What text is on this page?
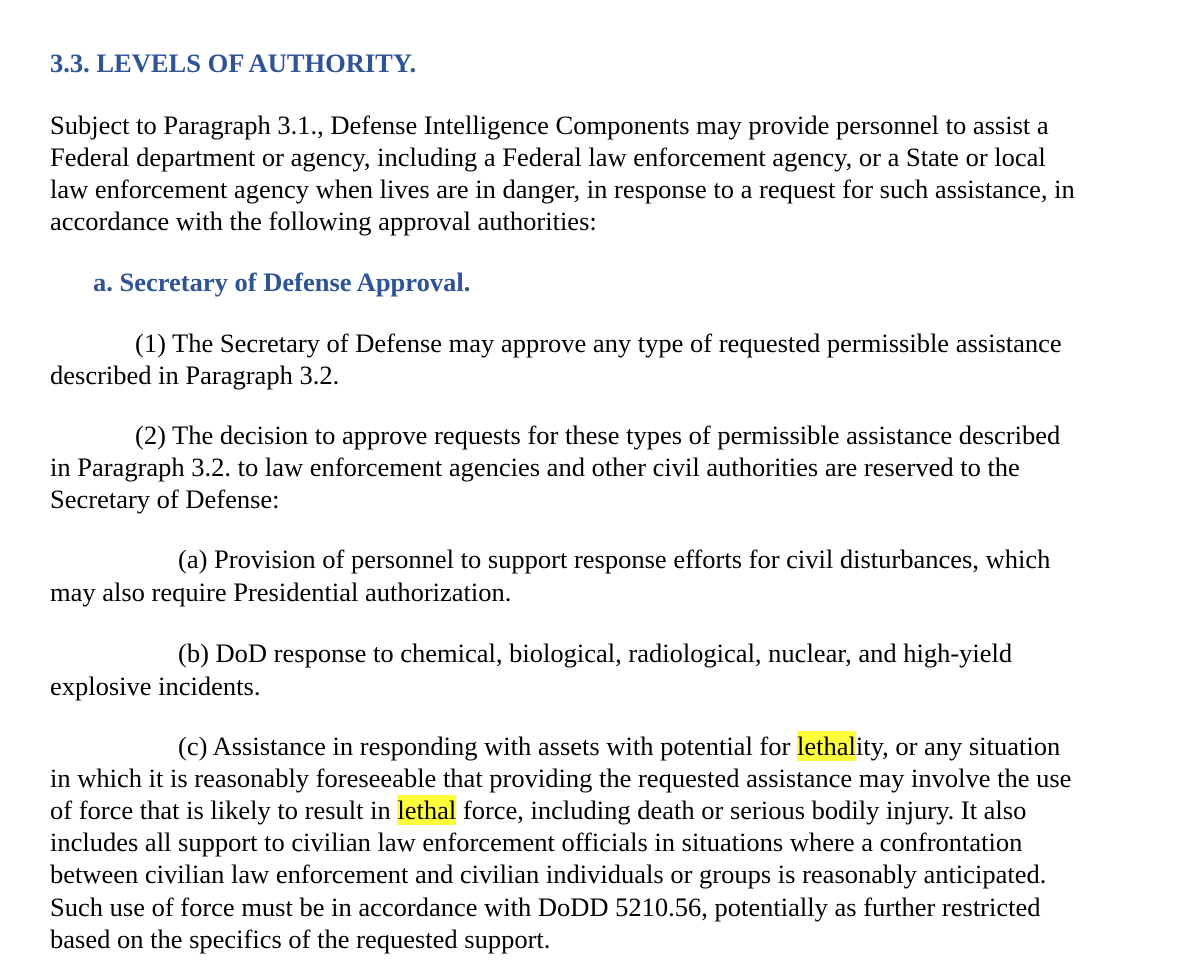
3.3. LEVELS OF AUTHORITY.

Subject to Paragraph 3.1., Defense Intelligence Components may provide personnel to assist a

Federal department or agency, including a Federal law enforcement agency, or a State or local

law enforcement agency when lives are in danger, in response to a request for such assistance, in

accordance with the following approval authorities:

a. Secretary of Defense Approval.

(1) The Secretary of Defense may approve any type of requested permissible assistance

described in Paragraph 3.2.

(2) The decision to approve requests for these types of permissible assistance described

in Paragraph 3.2. to law enforcement agencies and other civil authorities are reserved to the

Secretary of Defense:

(a) Provision of personnel to support response efforts for civil disturbances, which

may also require Presidential authorization.

(b) DoD response to chemical, biological, radiological, nuclear, and high-yield

explosive incidents.

(c) Assistance in responding with assets with potential for lethality, or any situation

in which it is reasonably foreseeable that providing the requested assistance may involve the use

of force that is likely to result in lethal force, including death or serious bodily injury. It also

includes all support to civilian law enforcement officials in situations where a confrontation

between civilian law enforcement and civilian individuals or groups is reasonably anticipated.

Such use of force must be in accordance with DoDD 5210.56, potentially as further restricted

based on the specifics of the requested support.
